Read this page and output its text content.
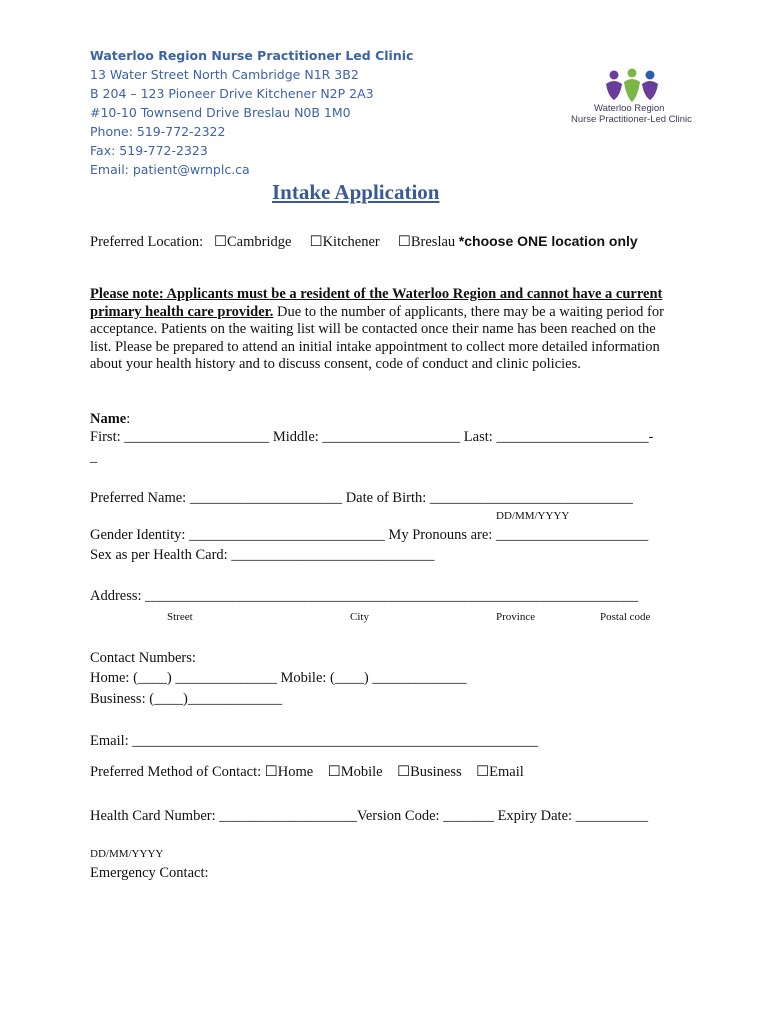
Waterloo Region Nurse Practitioner Led Clinic
13 Water Street North Cambridge N1R 3B2
B 204 – 123 Pioneer Drive Kitchener N2P 2A3
#10-10 Townsend Drive Breslau N0B 1M0
Phone: 519-772-2322
Fax: 519-772-2323
Email: patient@wrnplc.ca
Waterloo Region
Nurse Practitioner-Led Clinic
Intake Application
Preferred Location: ☐Cambridge ☐Kitchener ☐Breslau *choose ONE location only
Please note: Applicants must be a resident of the Waterloo Region and cannot have a current primary health care provider. Due to the number of applicants, there may be a waiting period for acceptance. Patients on the waiting list will be contacted once their name has been reached on the list. Please be prepared to attend an initial intake appointment to collect more detailed information about your health history and to discuss consent, code of conduct and clinic policies.
Name:
First: ____________________ Middle: ___________________ Last: _____________________-
_
Preferred Name: _____________________ Date of Birth: ____________________________
DD/MM/YYYY
Gender Identity: ___________________________ My Pronouns are: _____________________
Sex as per Health Card: ____________________________
Address: ____________________________________________________________________
Street	City	Province	Postal code
Contact Numbers:
Home: (____) ______________ Mobile: (____) _____________
Business: (____)_____________
Email: ________________________________________________________
Preferred Method of Contact: ☐Home ☐Mobile ☐Business ☐Email
Health Card Number: ___________________Version Code: _______ Expiry Date: __________
DD/MM/YYYY
Emergency Contact:
